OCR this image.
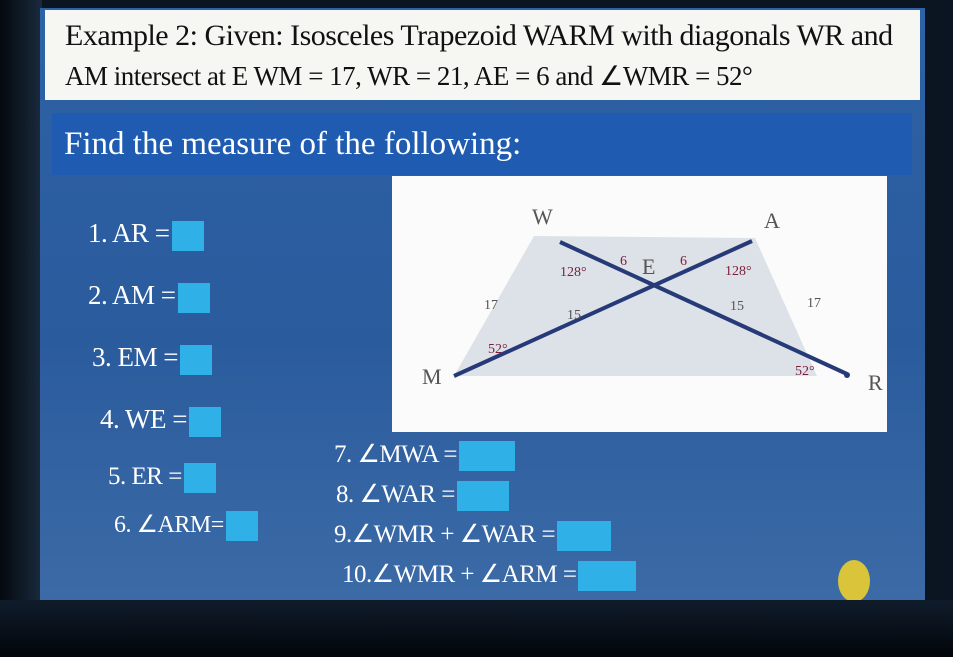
Example 2: Given: Isosceles Trapezoid WARM with diagonals WR and
AM intersect at E WM = 17, WR = 21, AE = 6 and ∠WMR = 52°
Find the measure of the following:
W	A
M	R
E
6	6
128°	128°
17	17
15
15
52°
52°
1. AR =
2. AM =
3. EM =
4. WE =
5. ER =
6. ∠ARM=
7. ∠MWA =
8. ∠WAR =
9.∠WMR + ∠WAR =
10.∠WMR + ∠ARM =
